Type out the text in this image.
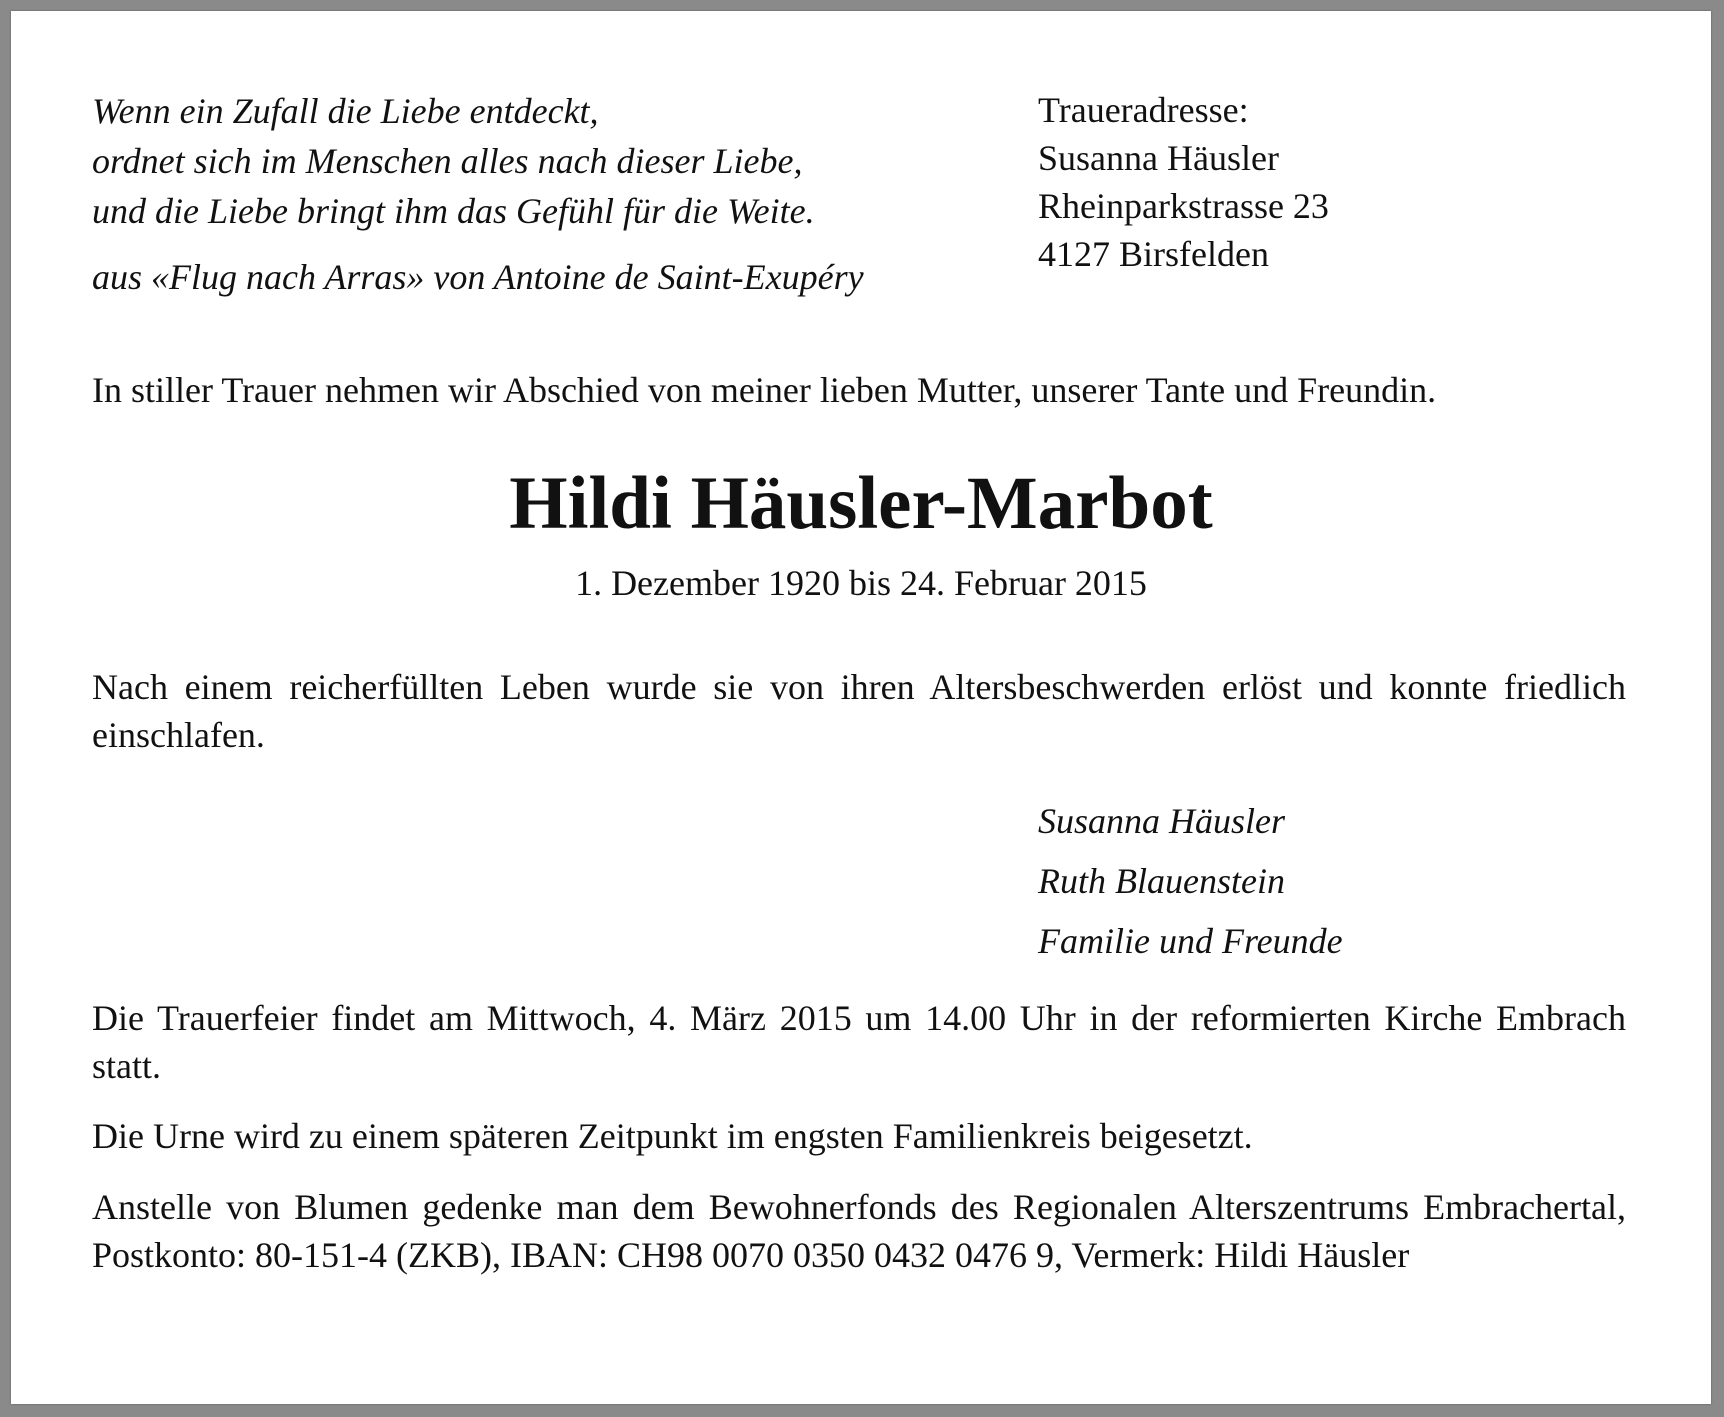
Wenn ein Zufall die Liebe entdeckt,
ordnet sich im Menschen alles nach dieser Liebe,
und die Liebe bringt ihm das Gefühl für die Weite.

aus «Flug nach Arras» von Antoine de Saint-Exupéry

Traueradresse:
Susanna Häusler
Rheinparkstrasse 23
4127 Birsfelden

In stiller Trauer nehmen wir Abschied von meiner lieben Mutter, unserer Tante und Freundin.

Hildi Häusler-Marbot

1. Dezember 1920 bis 24. Februar 2015

Nach einem reicherfüllten Leben wurde sie von ihren Altersbeschwerden erlöst und konnte friedlich einschlafen.

Susanna Häusler
Ruth Blauenstein
Familie und Freunde

Die Trauerfeier findet am Mittwoch, 4. März 2015 um 14.00 Uhr in der reformierten Kirche Embrach statt.

Die Urne wird zu einem späteren Zeitpunkt im engsten Familienkreis beigesetzt.

Anstelle von Blumen gedenke man dem Bewohnerfonds des Regionalen Alterszentrums Embrachertal, Postkonto: 80-151-4 (ZKB), IBAN: CH98 0070 0350 0432 0476 9, Vermerk: Hildi Häusler
